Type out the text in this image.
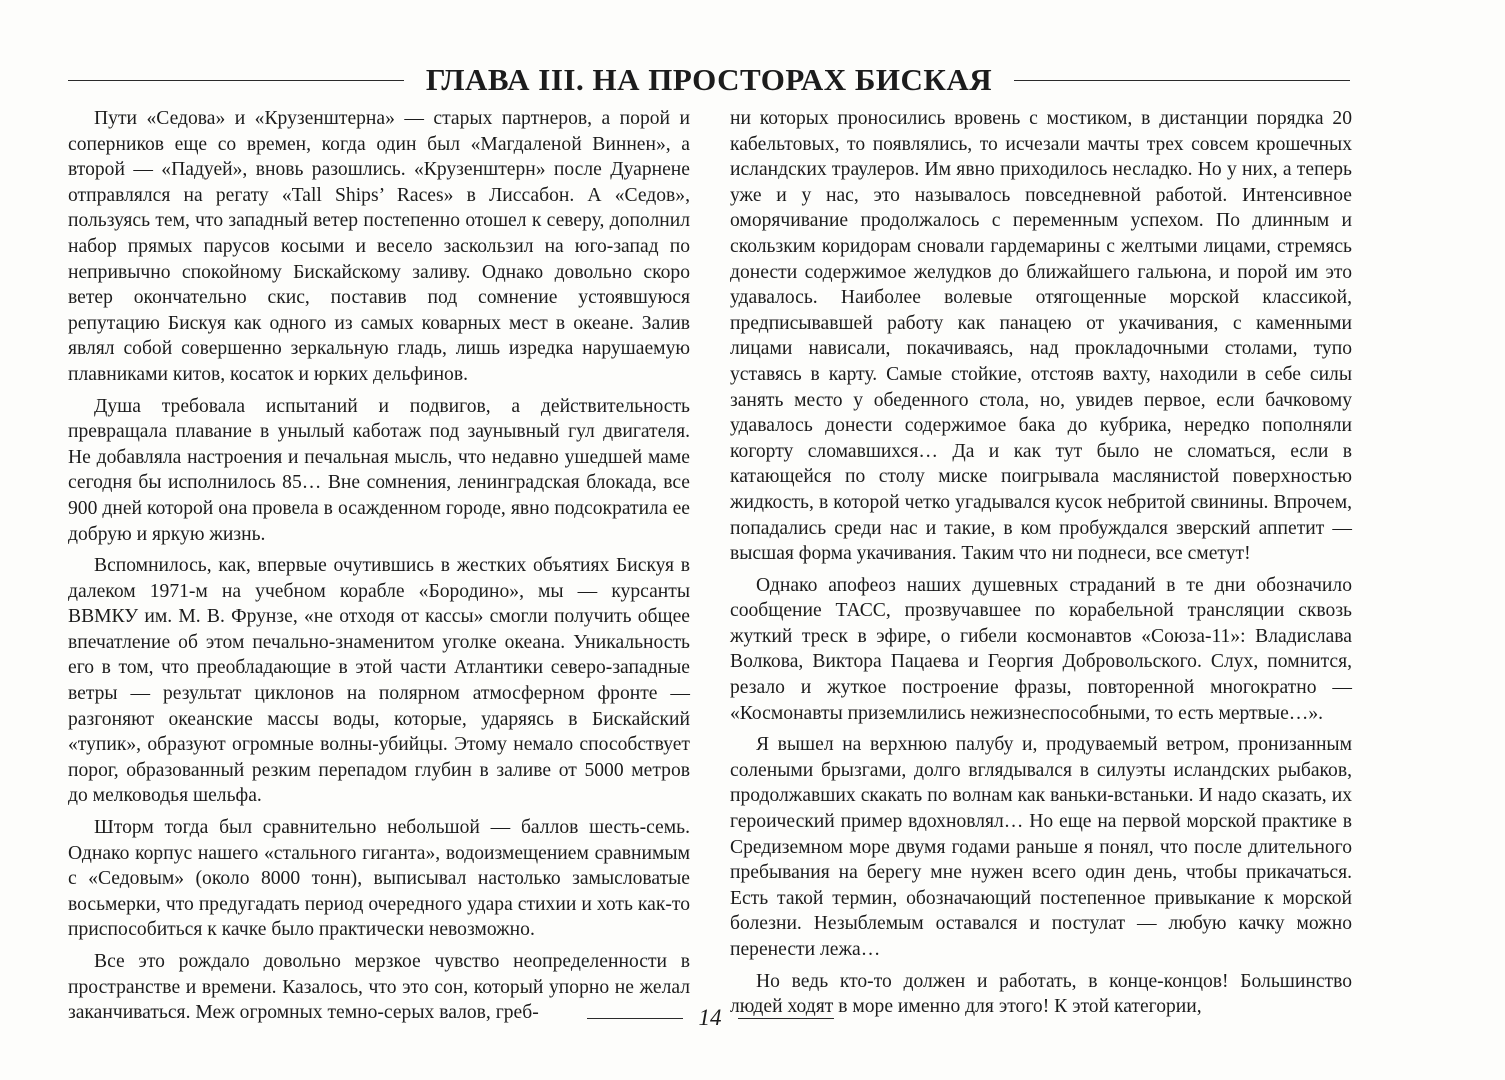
ГЛАВА III. НА ПРОСТОРАХ БИСКАЯ

Пути «Седова» и «Крузенштерна» — старых партнеров, а порой и соперников еще со времен, когда один был «Магдаленой Виннен», а второй — «Падуей», вновь разошлись. «Крузенштерн» после Дуарнене отправлялся на регату «Tall Ships’ Races» в Лиссабон. А «Седов», пользуясь тем, что западный ветер постепенно отошел к северу, дополнил набор прямых парусов косыми и весело заскользил на юго-запад по непривычно спокойному Бискайскому заливу. Однако довольно скоро ветер окончательно скис, поставив под сомнение устоявшуюся репутацию Бискуя как одного из самых коварных мест в океане. Залив являл собой совершенно зеркальную гладь, лишь изредка нарушаемую плавниками китов, косаток и юрких дельфинов.

Душа требовала испытаний и подвигов, а действительность превращала плавание в унылый каботаж под заунывный гул двигателя. Не добавляла настроения и печальная мысль, что недавно ушедшей маме сегодня бы исполнилось 85… Вне сомнения, ленинградская блокада, все 900 дней которой она провела в осажденном городе, явно подсократила ее добрую и яркую жизнь.

Вспомнилось, как, впервые очутившись в жестких объятиях Бискуя в далеком 1971-м на учебном корабле «Бородино», мы — курсанты ВВМКУ им. М. В. Фрунзе, «не отходя от кассы» смогли получить общее впечатление об этом печально-знаменитом уголке океана. Уникальность его в том, что преобладающие в этой части Атлантики северо-западные ветры — результат циклонов на полярном атмосферном фронте — разгоняют океанские массы воды, которые, ударяясь в Бискайский «тупик», образуют огромные волны-убийцы. Этому немало способствует порог, образованный резким перепадом глубин в заливе от 5000 метров до мелководья шельфа.

Шторм тогда был сравнительно небольшой — баллов шесть-семь. Однако корпус нашего «стального гиганта», водоизмещением сравнимым с «Седовым» (около 8000 тонн), выписывал настолько замысловатые восьмерки, что предугадать период очередного удара стихии и хоть как-то приспособиться к качке было практически невозможно.

Все это рождало довольно мерзкое чувство неопределенности в пространстве и времени. Казалось, что это сон, который упорно не желал заканчиваться. Меж огромных темно-серых валов, греб-

ни которых проносились вровень с мостиком, в дистанции порядка 20 кабельтовых, то появлялись, то исчезали мачты трех совсем крошечных исландских траулеров. Им явно приходилось несладко. Но у них, а теперь уже и у нас, это называлось повседневной работой. Интенсивное оморячивание продолжалось с переменным успехом. По длинным и скользким коридорам сновали гардемарины с желтыми лицами, стремясь донести содержимое желудков до ближайшего гальюна, и порой им это удавалось. Наиболее волевые отягощенные морской классикой, предписывавшей работу как панацею от укачивания, с каменными лицами нависали, покачиваясь, над прокладочными столами, тупо уставясь в карту. Самые стойкие, отстояв вахту, находили в себе силы занять место у обеденного стола, но, увидев первое, если бачковому удавалось донести содержимое бака до кубрика, нередко пополняли когорту сломавшихся… Да и как тут было не сломаться, если в катающейся по столу миске поигрывала маслянистой поверхностью жидкость, в которой четко угадывался кусок небритой свинины. Впрочем, попадались среди нас и такие, в ком пробуждался зверский аппетит — высшая форма укачивания. Таким что ни поднеси, все сметут!

Однако апофеоз наших душевных страданий в те дни обозначило сообщение ТАСС, прозвучавшее по корабельной трансляции сквозь жуткий треск в эфире, о гибели космонавтов «Союза-11»: Владислава Волкова, Виктора Пацаева и Георгия Добровольского. Слух, помнится, резало и жуткое построение фразы, повторенной многократно — «Космонавты приземлились нежизнеспособными, то есть мертвые…».

Я вышел на верхнюю палубу и, продуваемый ветром, пронизанным солеными брызгами, долго вглядывался в силуэты исландских рыбаков, продолжавших скакать по волнам как ваньки-встаньки. И надо сказать, их героический пример вдохновлял… Но еще на первой морской практике в Средиземном море двумя годами раньше я понял, что после длительного пребывания на берегу мне нужен всего один день, чтобы прикачаться. Есть такой термин, обозначающий постепенное привыкание к морской болезни. Незыблемым оставался и постулат — любую качку можно перенести лежа…

Но ведь кто-то должен и работать, в конце-концов! Большинство людей ходят в море именно для этого! К этой категории,

14
